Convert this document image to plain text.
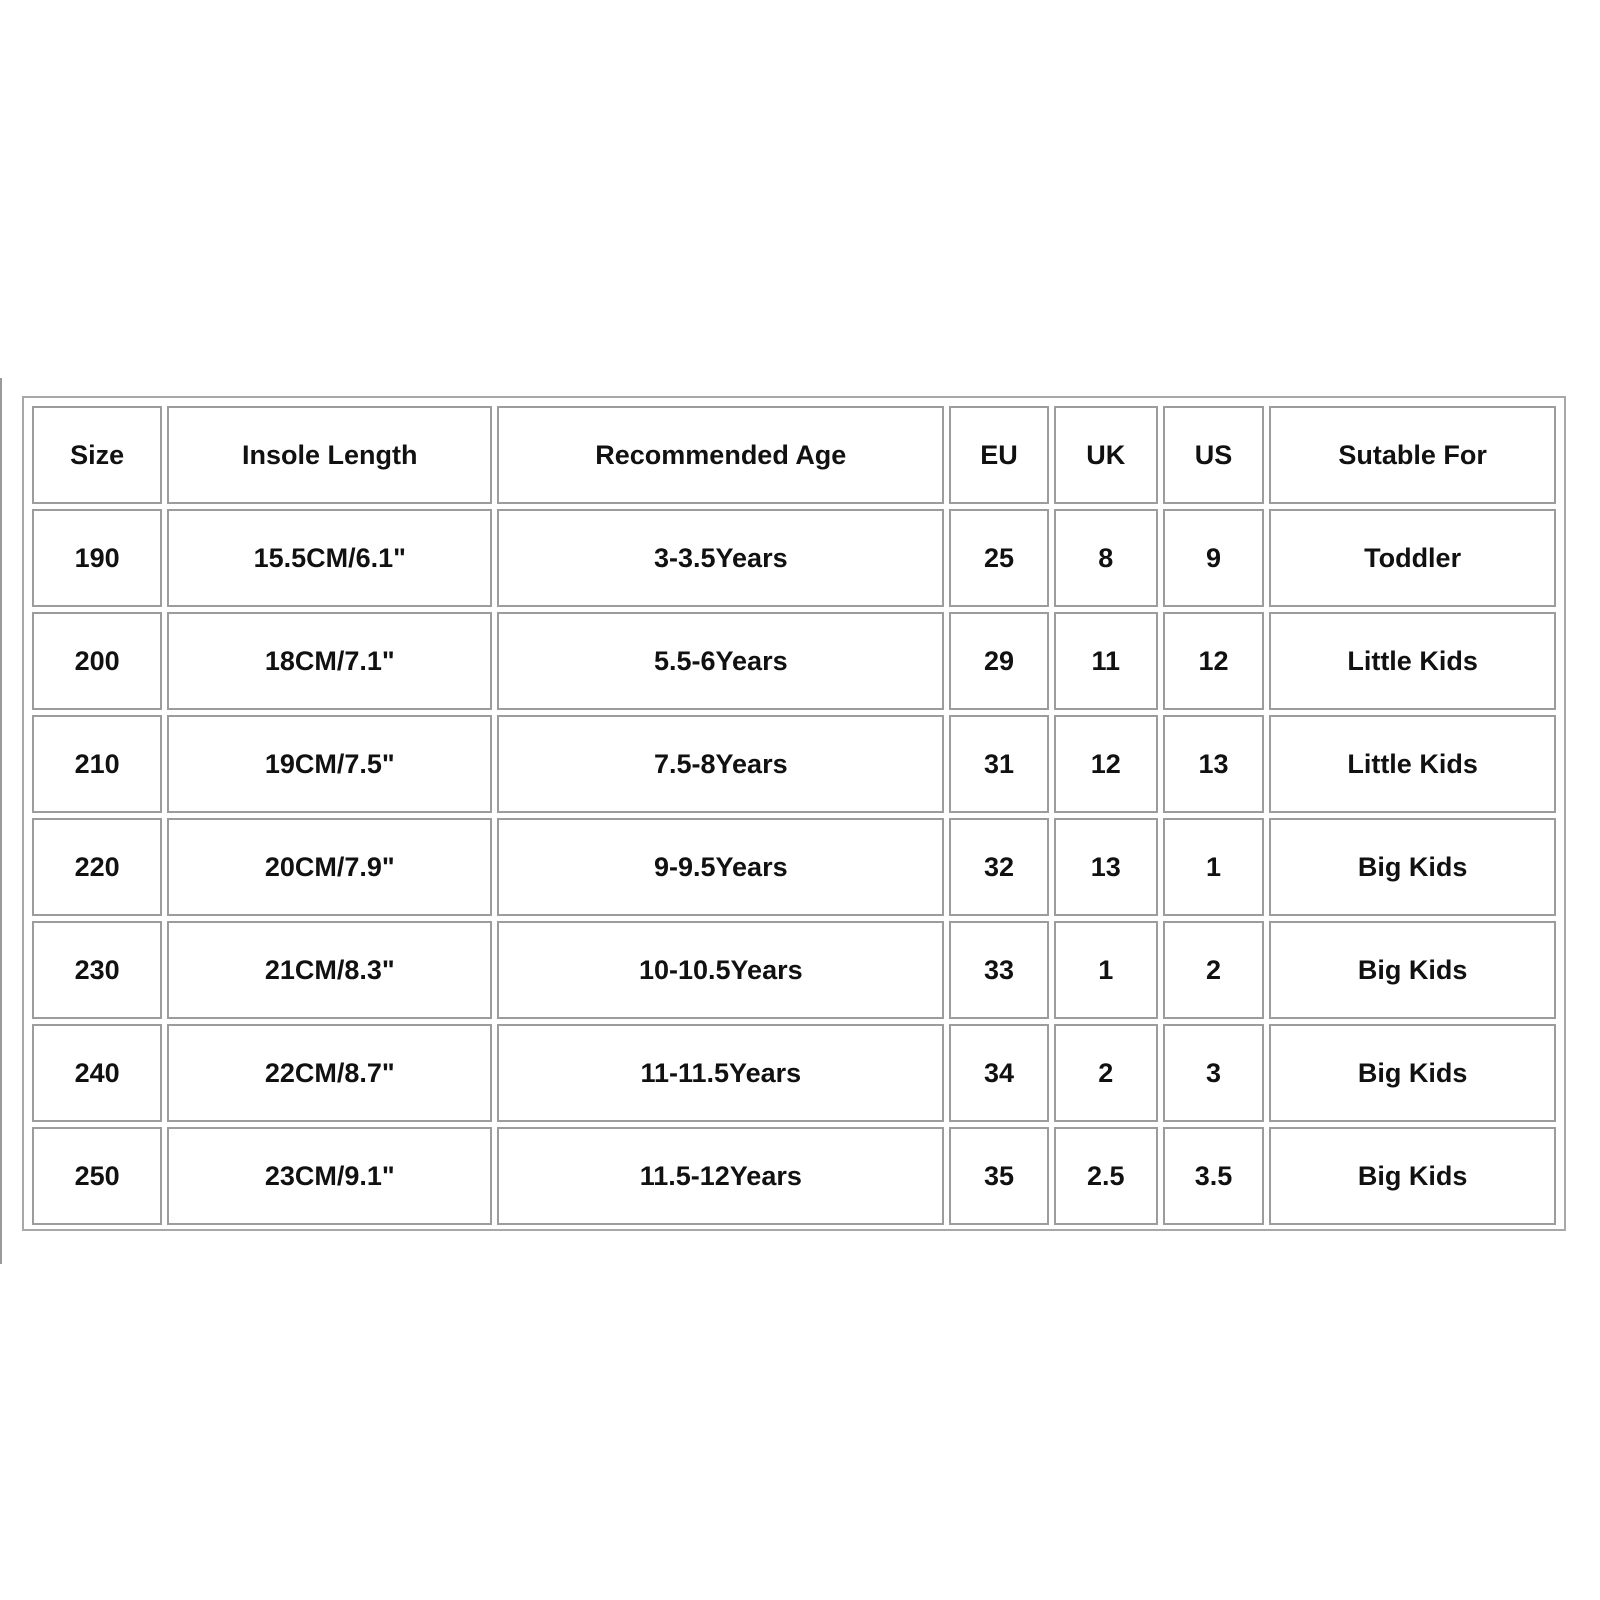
Size	Insole Length	Recommended Age	EU	UK	US	Sutable For
190	15.5CM/6.1"	3-3.5Years	25	8	9	Toddler
200	18CM/7.1"	5.5-6Years	29	11	12	Little Kids
210	19CM/7.5"	7.5-8Years	31	12	13	Little Kids
220	20CM/7.9"	9-9.5Years	32	13	1	Big Kids
230	21CM/8.3"	10-10.5Years	33	1	2	Big Kids
240	22CM/8.7"	11-11.5Years	34	2	3	Big Kids
250	23CM/9.1"	11.5-12Years	35	2.5	3.5	Big Kids
